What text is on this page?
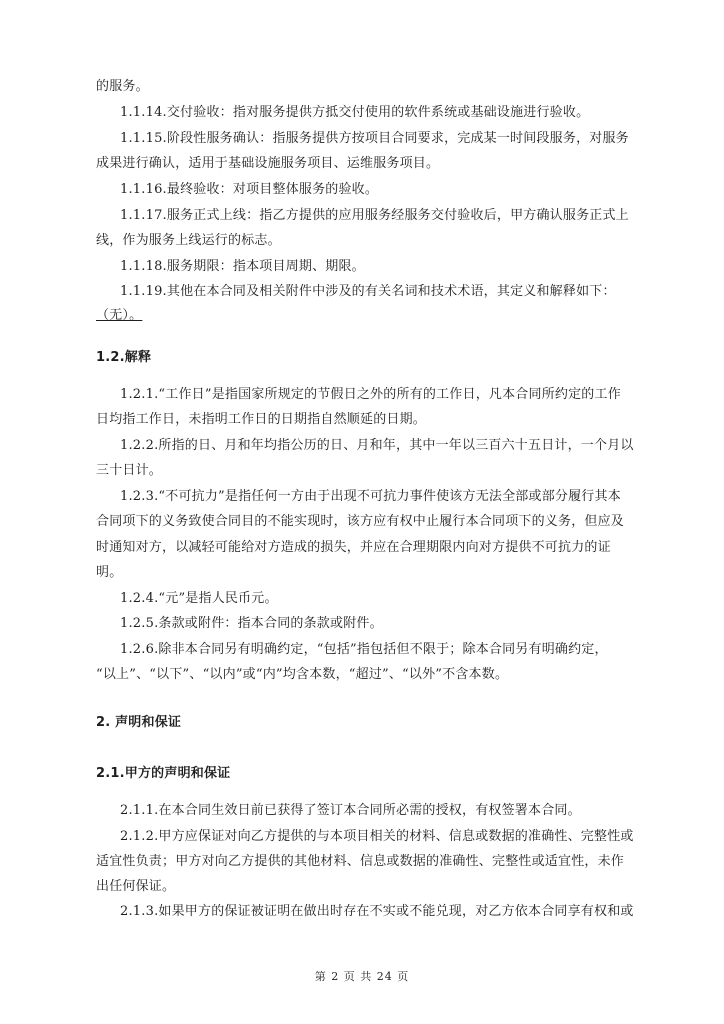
的服务。
1.1.14.交付验收：指对服务提供方抵交付使用的软件系统或基础设施进行验收。
1.1.15.阶段性服务确认：指服务提供方按项目合同要求，完成某一时间段服务，对服务
成果进行确认，适用于基础设施服务项目、运维服务项目。
1.1.16.最终验收：对项目整体服务的验收。
1.1.17.服务正式上线：指乙方提供的应用服务经服务交付验收后，甲方确认服务正式上
线，作为服务上线运行的标志。
1.1.18.服务期限：指本项目周期、期限。
1.1.19.其他在本合同及相关附件中涉及的有关名词和技术术语，其定义和解释如下：
（无）。
1.2.解释
1.2.1.“工作日”是指国家所规定的节假日之外的所有的工作日，凡本合同所约定的工作
日均指工作日，未指明工作日的日期指自然顺延的日期。
1.2.2.所指的日、月和年均指公历的日、月和年，其中一年以三百六十五日计，一个月以
三十日计。
1.2.3.“不可抗力”是指任何一方由于出现不可抗力事件使该方无法全部或部分履行其本
合同项下的义务致使合同目的不能实现时，该方应有权中止履行本合同项下的义务，但应及
时通知对方，以减轻可能给对方造成的损失，并应在合理期限内向对方提供不可抗力的证
明。
1.2.4.“元”是指人民币元。
1.2.5.条款或附件：指本合同的条款或附件。
1.2.6.除非本合同另有明确约定，“包括”指包括但不限于；除本合同另有明确约定，
“以上”、“以下”、“以内”或“内”均含本数，“超过”、“以外”不含本数。
2. 声明和保证
2.1.甲方的声明和保证
2.1.1.在本合同生效日前已获得了签订本合同所必需的授权，有权签署本合同。
2.1.2.甲方应保证对向乙方提供的与本项目相关的材料、信息或数据的准确性、完整性或
适宜性负责；甲方对向乙方提供的其他材料、信息或数据的准确性、完整性或适宜性，未作
出任何保证。
2.1.3.如果甲方的保证被证明在做出时存在不实或不能兑现，对乙方依本合同享有权和或
第 2 页 共 24 页
